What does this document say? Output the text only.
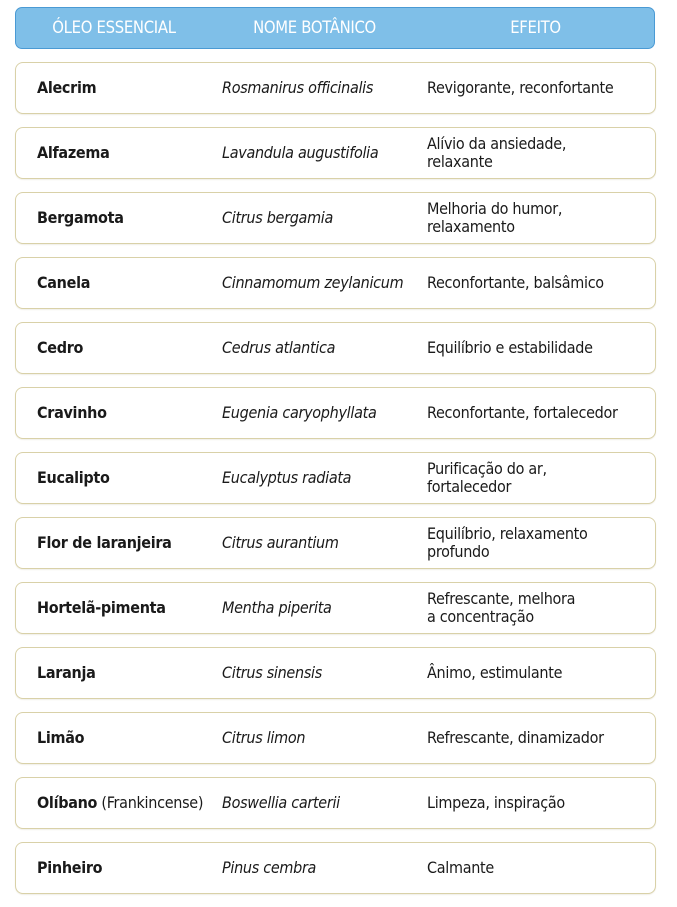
ÓLEO ESSENCIAL	NOME BOTÂNICO	EFEITO
Alecrim	Rosmanirus officinalis	Revigorante, reconfortante
Alfazema	Lavandula augustifolia	Alívio da ansiedade,
relaxante
Bergamota	Citrus bergamia	Melhoria do humor,
relaxamento
Canela	Cinnamomum zeylanicum	Reconfortante, balsâmico
Cedro	Cedrus atlantica	Equilíbrio e estabilidade
Cravinho	Eugenia caryophyllata	Reconfortante, fortalecedor
Eucalipto	Eucalyptus radiata	Purificação do ar,
fortalecedor
Flor de laranjeira	Citrus aurantium	Equilíbrio, relaxamento
profundo
Hortelã-pimenta	Mentha piperita	Refrescante, melhora
a concentração
Laranja	Citrus sinensis	Ânimo, estimulante
Limão	Citrus limon	Refrescante, dinamizador
Olíbano (Frankincense) Boswellia carterii	Limpeza, inspiração
Pinheiro	Pinus cembra	Calmante
